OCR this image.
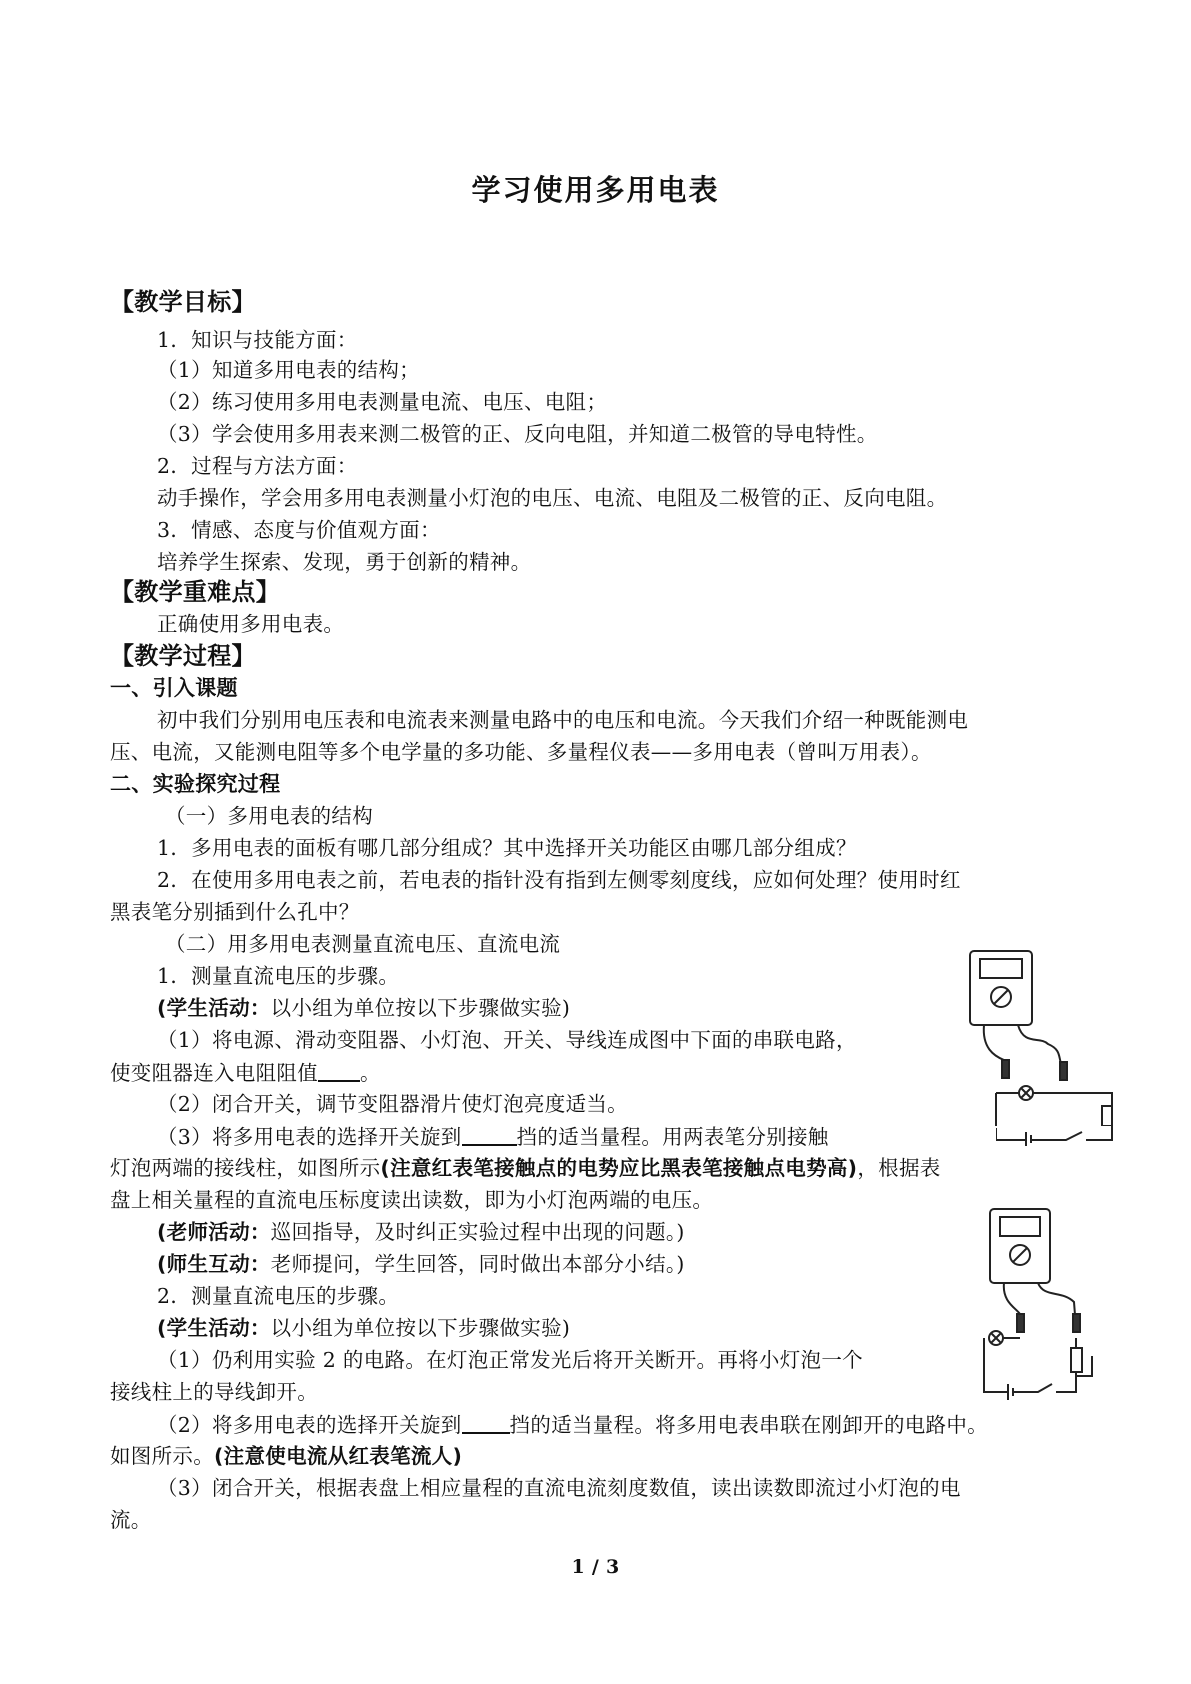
学习使用多用电表
【教学目标】
1．知识与技能方面：
（1）知道多用电表的结构；
（2）练习使用多用电表测量电流、电压、电阻；
（3）学会使用多用表来测二极管的正、反向电阻，并知道二极管的导电特性。
2．过程与方法方面：
动手操作，学会用多用电表测量小灯泡的电压、电流、电阻及二极管的正、反向电阻。
3．情感、态度与价值观方面：
培养学生探索、发现，勇于创新的精神。
【教学重难点】
正确使用多用电表。
【教学过程】
一、引入课题
初中我们分别用电压表和电流表来测量电路中的电压和电流。今天我们介绍一种既能测电
压、电流，又能测电阻等多个电学量的多功能、多量程仪表——多用电表（曾叫万用表）。
二、实验探究过程
（一）多用电表的结构
1．多用电表的面板有哪几部分组成？其中选择开关功能区由哪几部分组成？
2．在使用多用电表之前，若电表的指针没有指到左侧零刻度线，应如何处理？使用时红
黑表笔分别插到什么孔中？
（二）用多用电表测量直流电压、直流电流
1．测量直流电压的步骤。
(学生活动：以小组为单位按以下步骤做实验)
（1）将电源、滑动变阻器、小灯泡、开关、导线连成图中下面的串联电路，
使变阻器连入电阻阻值 。
（2）闭合开关，调节变阻器滑片使灯泡亮度适当。
（3）将多用电表的选择开关旋到	挡的适当量程。用两表笔分别接触
灯泡两端的接线柱，如图所示(注意红表笔接触点的电势应比黑表笔接触点电势高)，根据表
盘上相关量程的直流电压标度读出读数，即为小灯泡两端的电压。
(老师活动：巡回指导，及时纠正实验过程中出现的问题。)
(师生互动：老师提问，学生回答，同时做出本部分小结。)
2．测量直流电压的步骤。
(学生活动：以小组为单位按以下步骤做实验)
（1）仍利用实验 2 的电路。在灯泡正常发光后将开关断开。再将小灯泡一个
接线柱上的导线卸开。
（2）将多用电表的选择开关旋到 挡的适当量程。将多用电表串联在刚卸开的电路中。
如图所示。(注意使电流从红表笔流人)
（3）闭合开关，根据表盘上相应量程的直流电流刻度数值，读出读数即流过小灯泡的电
流。
1 / 3
